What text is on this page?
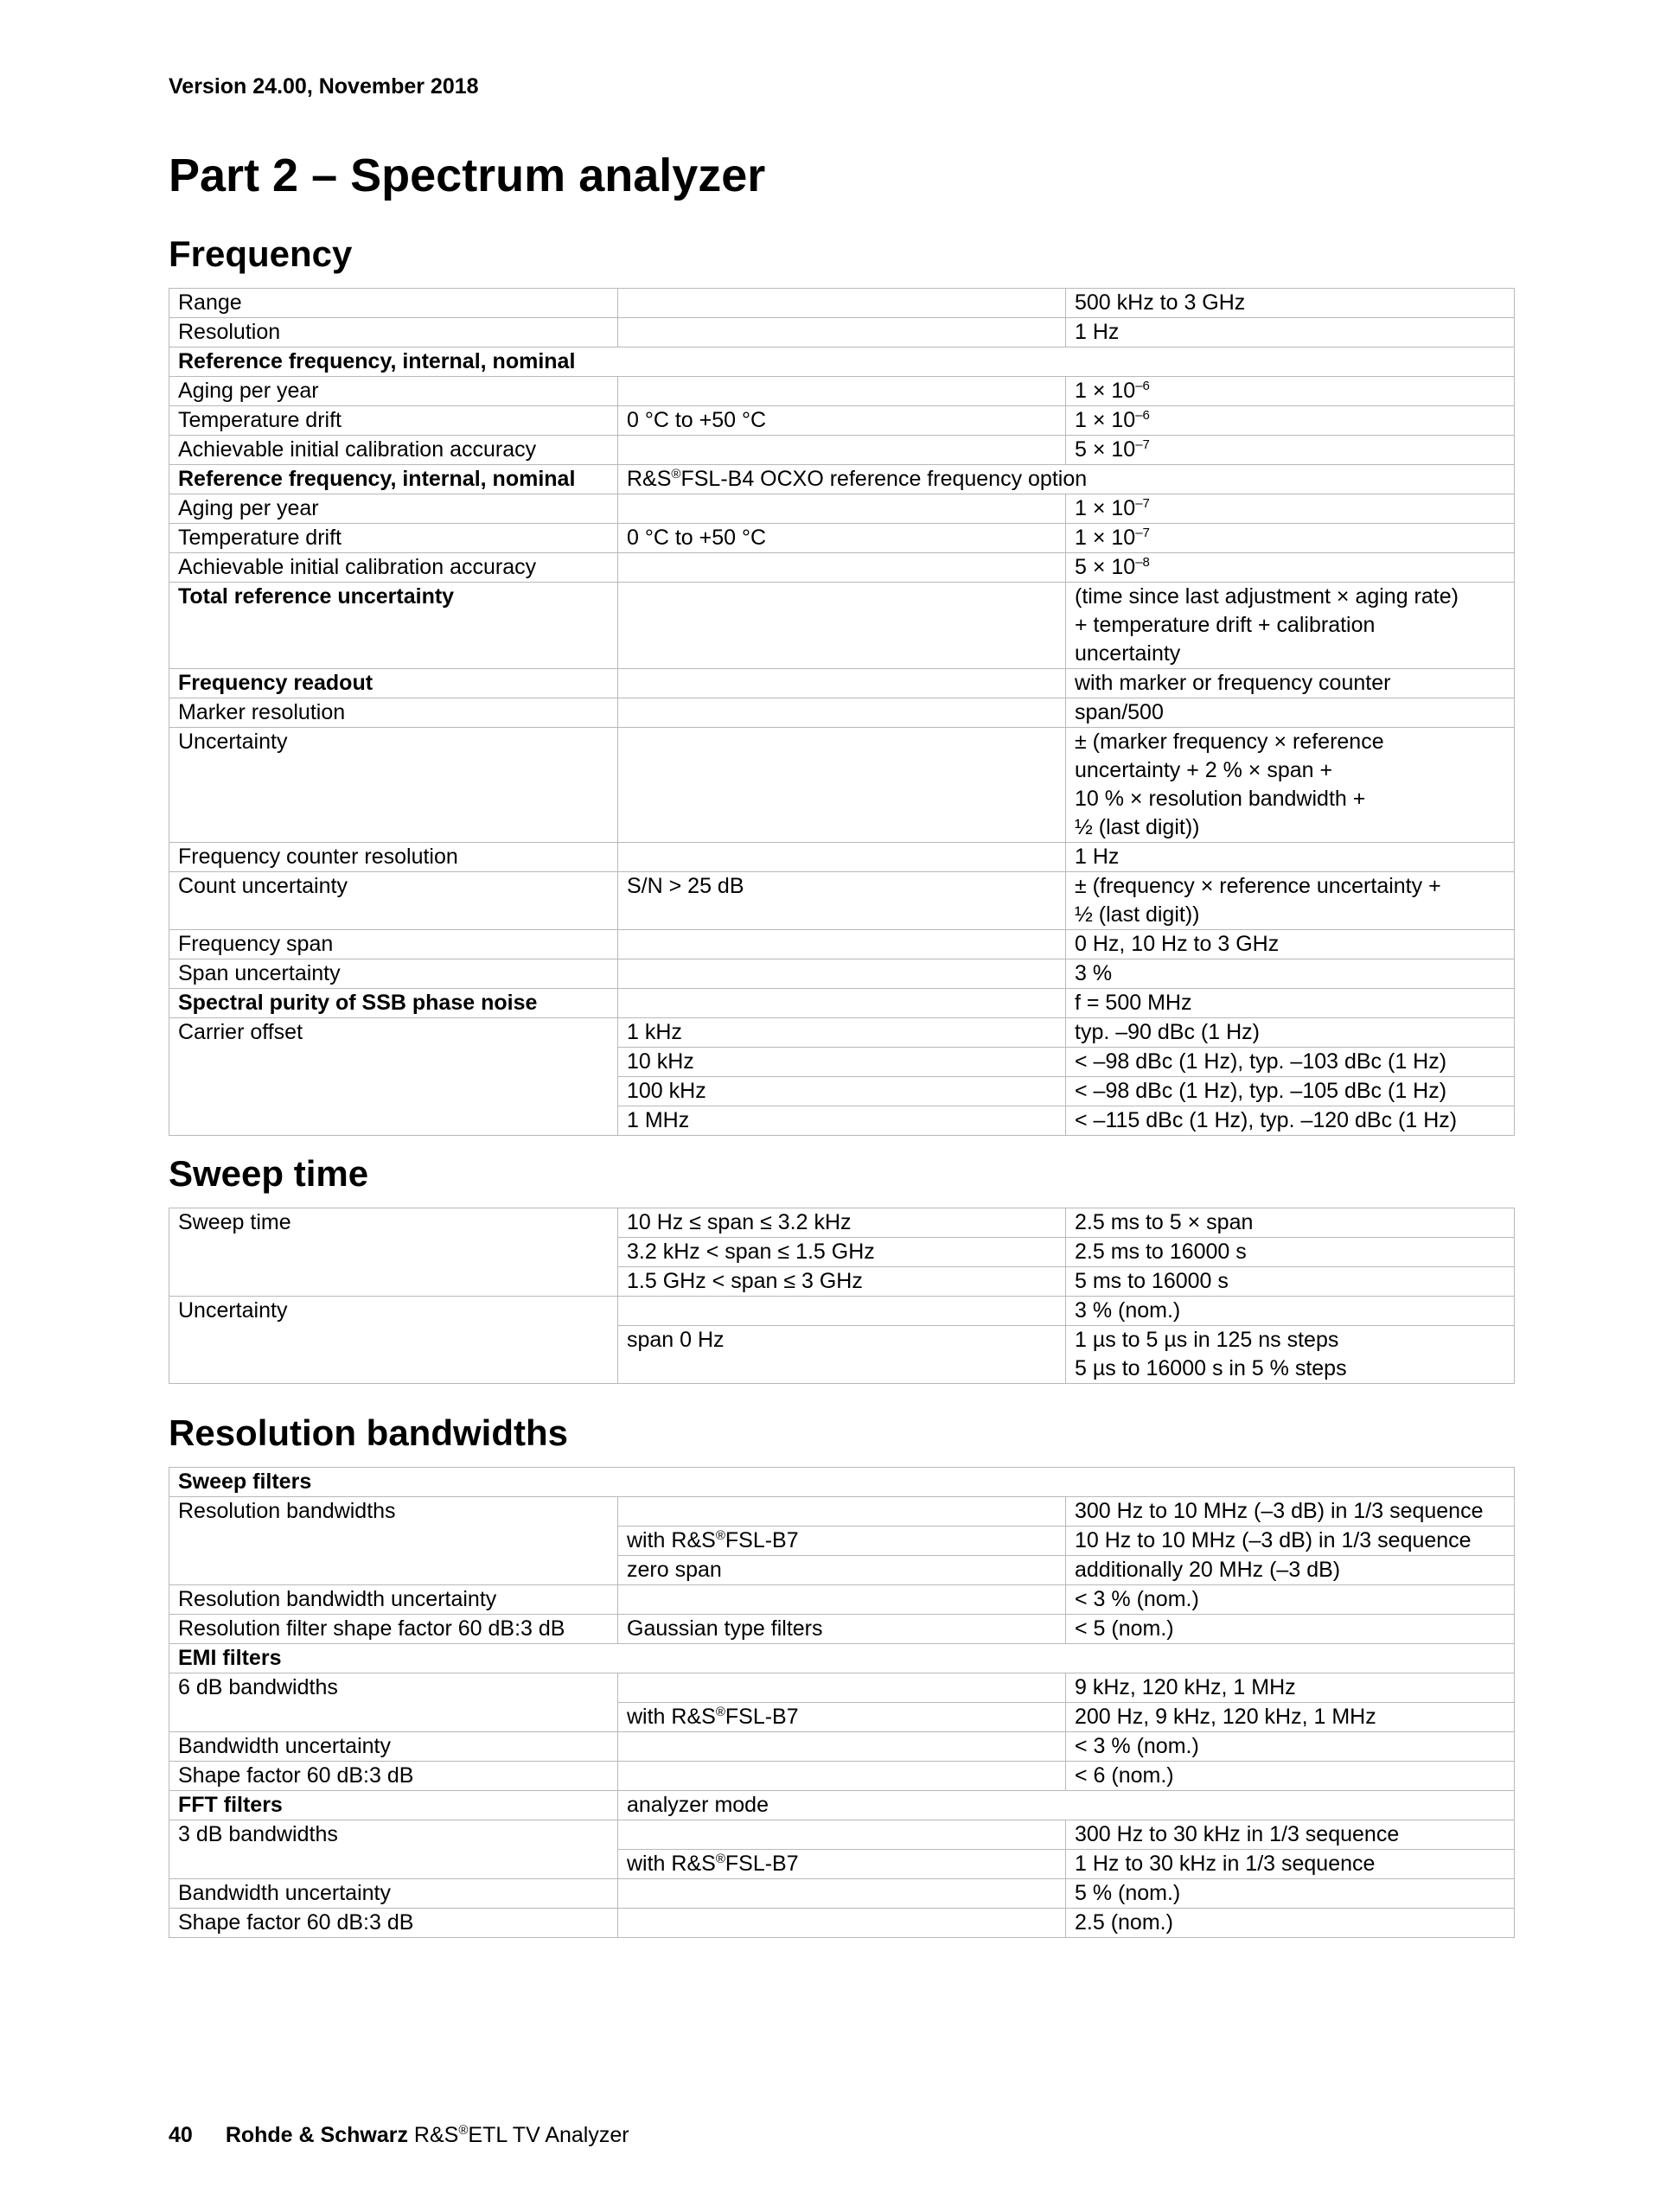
Version 24.00, November 2018
Part 2 – Spectrum analyzer
Frequency
Range		500 kHz to 3 GHz
Resolution		1 Hz
Reference frequency, internal, nominal		
Aging per year		$1 \times 10^{-6}$
Temperature drift	0 °C to +50 °C	$1 \times 10^{-6}$
Achievable initial calibration accuracy		$5 \times 10^{-7}$
Reference frequency, internal, nominal	R&S®FSL-B4 OCXO reference frequency option	
Aging per year		$1 \times 10^{-7}$
Temperature drift	0 °C to +50 °C	$1 \times 10^{-7}$
Achievable initial calibration accuracy		$5 \times 10^{-8}$
Total reference uncertainty		(time since last adjustment × aging rate)
+ temperature drift + calibration
uncertainty

Frequency readout		with marker or frequency counter
Marker resolution		span/500
Uncertainty		± (marker frequency × reference
uncertainty + 2 % × span +
10 % × resolution bandwidth +
½ (last digit))

Frequency counter resolution		1 Hz
Count uncertainty	S/N > 25 dB	± (frequency × reference uncertainty +
½ (last digit))

Frequency span		0 Hz, 10 Hz to 3 GHz
Span uncertainty		3 %
Spectral purity of SSB phase noise		f = 500 MHz
Carrier offset	1 kHz	typ. –90 dBc (1 Hz)
	10 kHz	< –98 dBc (1 Hz), typ. –103 dBc (1 Hz)
	100 kHz	< –98 dBc (1 Hz), typ. –105 dBc (1 Hz)
	1 MHz	< –115 dBc (1 Hz), typ. –120 dBc (1 Hz)
Sweep time
Sweep time	10 Hz ≤ span ≤ 3.2 kHz	2.5 ms to 5 × span
	3.2 kHz < span ≤ 1.5 GHz	2.5 ms to 16000 s
	1.5 GHz < span ≤ 3 GHz	5 ms to 16000 s
Uncertainty		3 % (nom.)
	span 0 Hz	1 µs to 5 µs in 125 ns steps
5 µs to 16000 s in 5 % steps
Resolution bandwidths
Sweep filters		
Resolution bandwidths		300 Hz to 10 MHz (–3 dB) in 1/3 sequence
	with R&S®FSL-B7	10 Hz to 10 MHz (–3 dB) in 1/3 sequence
	zero span	additionally 20 MHz (–3 dB)
Resolution bandwidth uncertainty		< 3 % (nom.)
Resolution filter shape factor 60 dB:3 dB	Gaussian type filters	< 5 (nom.)
EMI filters		
6 dB bandwidths		9 kHz, 120 kHz, 1 MHz
	with R&S®FSL-B7	200 Hz, 9 kHz, 120 kHz, 1 MHz
Bandwidth uncertainty		< 3 % (nom.)
Shape factor 60 dB:3 dB		< 6 (nom.)
FFT filters	analyzer mode	
3 dB bandwidths		300 Hz to 30 kHz in 1/3 sequence
	with R&S®FSL-B7	1 Hz to 30 kHz in 1/3 sequence
Bandwidth uncertainty		5 % (nom.)
Shape factor 60 dB:3 dB		2.5 (nom.)
40 Rohde & Schwarz R&S®ETL TV Analyzer
